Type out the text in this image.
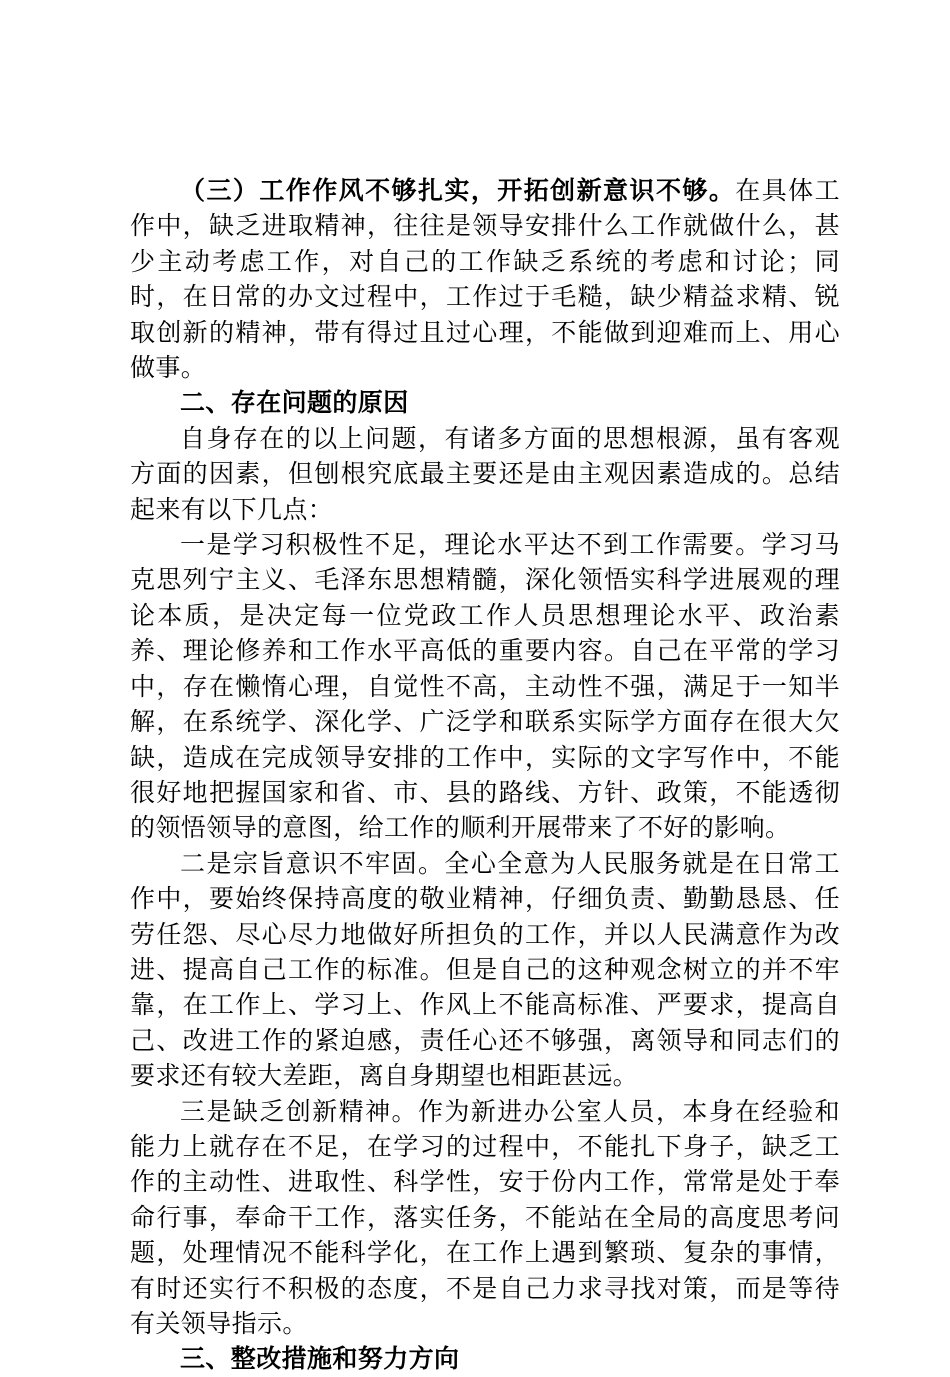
（三）工作作风不够扎实，开拓创新意识不够。在具体工作中，缺乏进取精神，往往是领导安排什么工作就做什么，甚少主动考虑工作，对自己的工作缺乏系统的考虑和讨论；同时，在日常的办文过程中，工作过于毛糙，缺少精益求精、锐取创新的精神，带有得过且过心理，不能做到迎难而上、用心做事。

二、存在问题的原因

自身存在的以上问题，有诸多方面的思想根源，虽有客观方面的因素，但刨根究底最主要还是由主观因素造成的。总结起来有以下几点：

一是学习积极性不足，理论水平达不到工作需要。学习马克思列宁主义、毛泽东思想精髓，深化领悟实科学进展观的理论本质，是决定每一位党政工作人员思想理论水平、政治素养、理论修养和工作水平高低的重要内容。自己在平常的学习中，存在懒惰心理，自觉性不高，主动性不强，满足于一知半解，在系统学、深化学、广泛学和联系实际学方面存在很大欠缺，造成在完成领导安排的工作中，实际的文字写作中，不能很好地把握国家和省、市、县的路线、方针、政策，不能透彻的领悟领导的意图，给工作的顺利开展带来了不好的影响。

二是宗旨意识不牢固。全心全意为人民服务就是在日常工作中，要始终保持高度的敬业精神，仔细负责、勤勤恳恳、任劳任怨、尽心尽力地做好所担负的工作，并以人民满意作为改进、提高自己工作的标准。但是自己的这种观念树立的并不牢靠，在工作上、学习上、作风上不能高标准、严要求，提高自己、改进工作的紧迫感，责任心还不够强，离领导和同志们的要求还有较大差距，离自身期望也相距甚远。

三是缺乏创新精神。作为新进办公室人员，本身在经验和能力上就存在不足，在学习的过程中，不能扎下身子，缺乏工作的主动性、进取性、科学性，安于份内工作，常常是处于奉命行事，奉命干工作，落实任务，不能站在全局的高度思考问题，处理情况不能科学化，在工作上遇到繁琐、复杂的事情，有时还实行不积极的态度，不是自己力求寻找对策，而是等待有关领导指示。

三、整改措施和努力方向
